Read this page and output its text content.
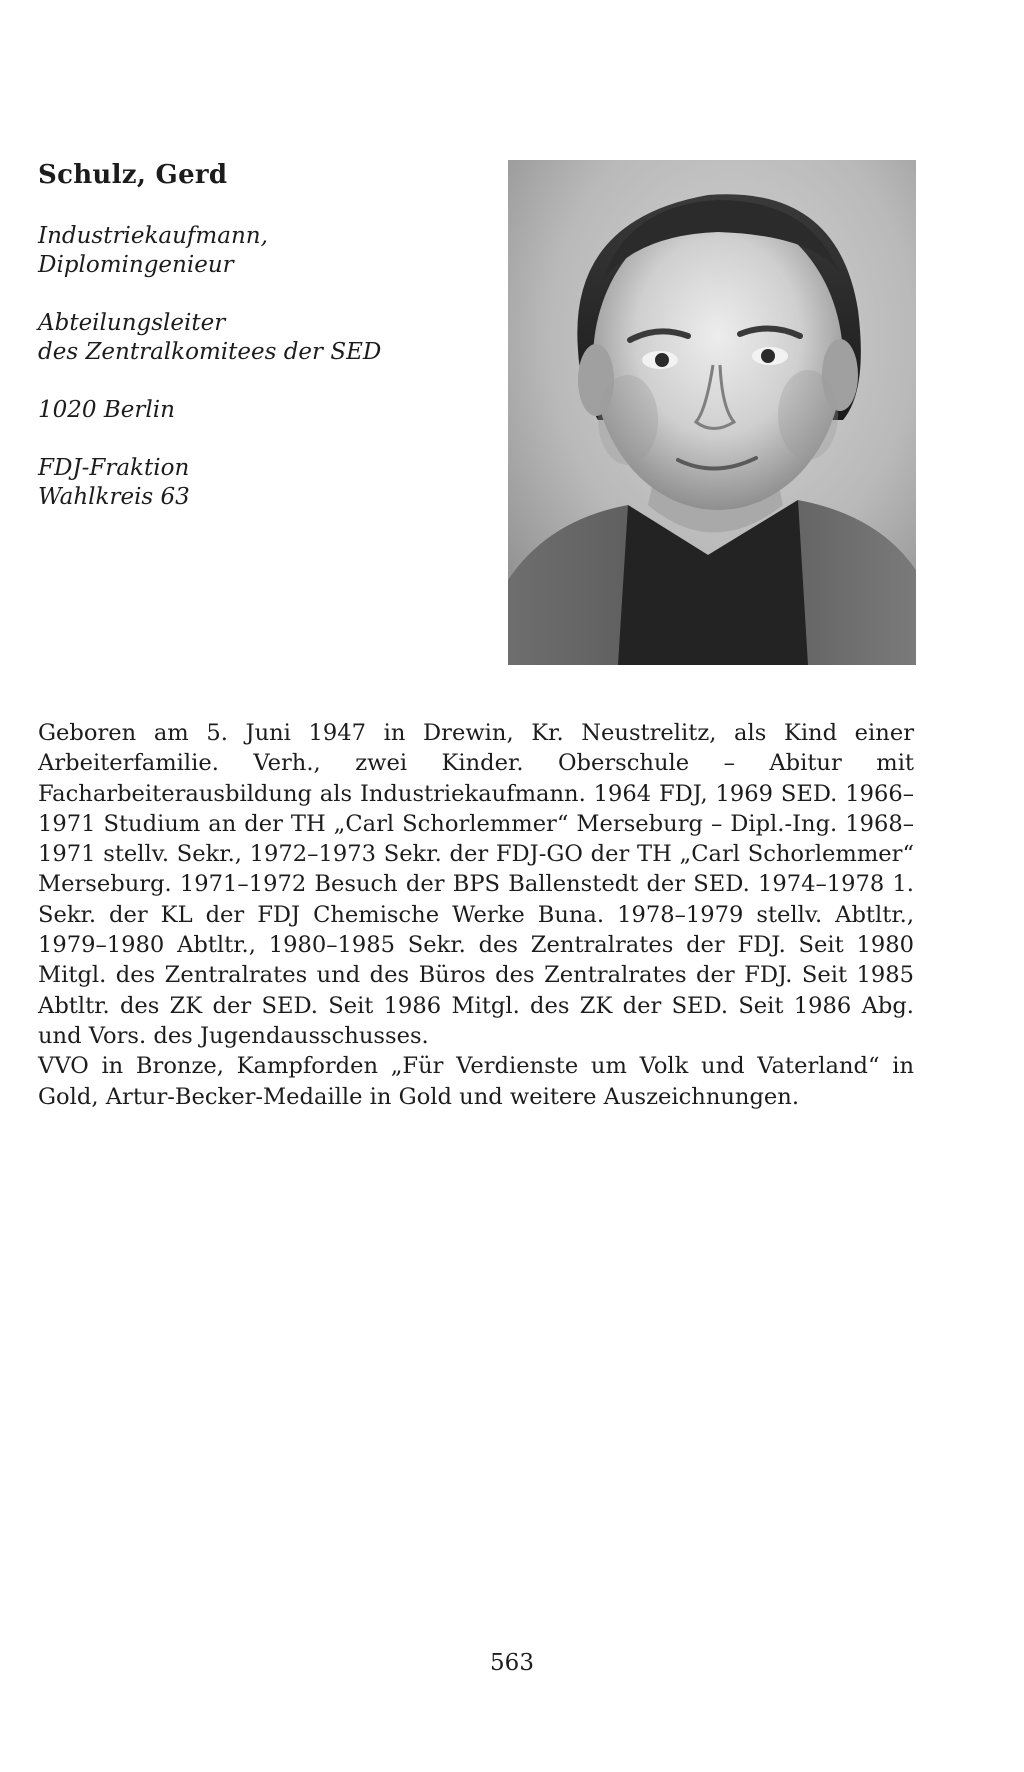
Schulz, Gerd
Industriekaufmann,
Diplomingenieur
Abteilungsleiter
des Zentralkomitees der SED
1020 Berlin
FDJ-Fraktion
Wahlkreis 63

Geboren am 5. Juni 1947 in Drewin, Kr. Neustrelitz, als Kind einer Arbeiterfamilie. Verh., zwei Kinder. Oberschule – Abitur mit Facharbeiterausbildung als Industriekaufmann. 1964 FDJ, 1969 SED. 1966–1971 Studium an der TH „Carl Schorlemmer“ Merseburg – Dipl.-Ing. 1968–1971 stellv. Sekr., 1972–1973 Sekr. der FDJ-GO der TH „Carl Schorlemmer“ Merseburg. 1971–1972 Besuch der BPS Ballenstedt der SED. 1974–1978 1. Sekr. der KL der FDJ Chemische Werke Buna. 1978–1979 stellv. Abtltr., 1979–1980 Abtltr., 1980–1985 Sekr. des Zentralrates der FDJ. Seit 1980 Mitgl. des Zentralrates und des Büros des Zentralrates der FDJ. Seit 1985 Abtltr. des ZK der SED. Seit 1986 Mitgl. des ZK der SED. Seit 1986 Abg. und Vors. des Jugendausschusses.

VVO in Bronze, Kampforden „Für Verdienste um Volk und Vaterland“ in Gold, Artur-Becker-Medaille in Gold und weitere Auszeichnungen.

563
